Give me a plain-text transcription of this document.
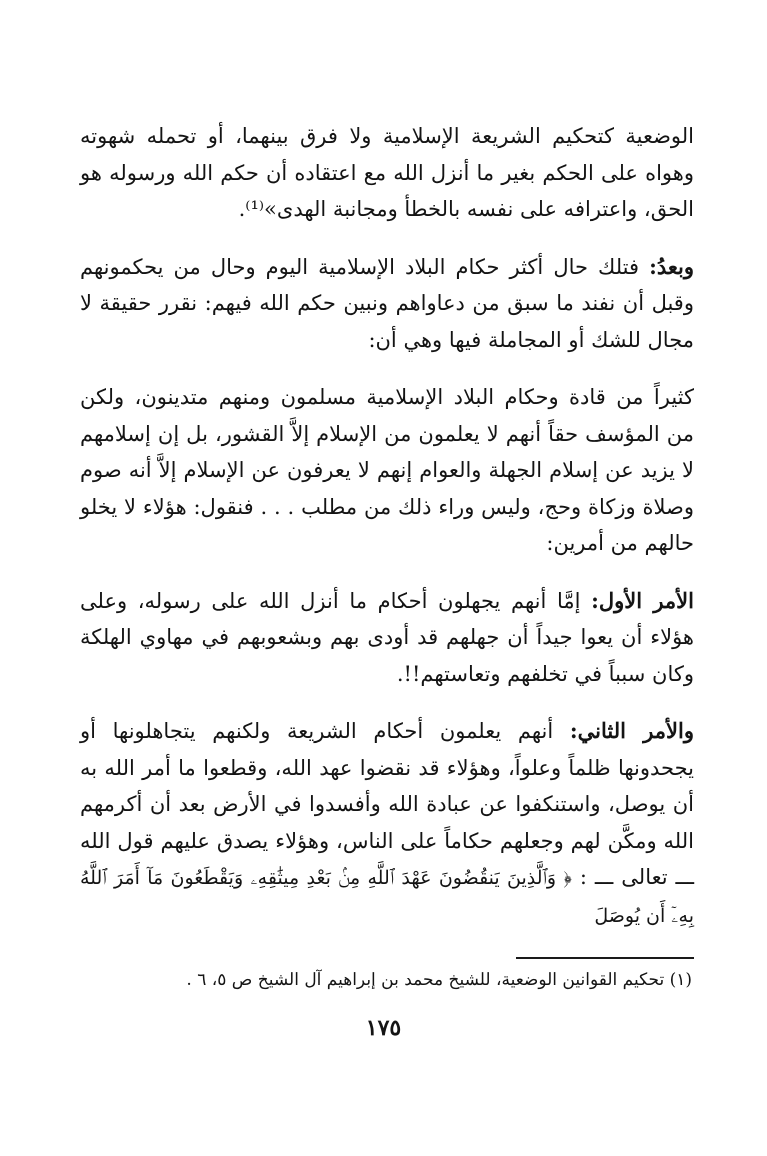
الوضعية كتحكيم الشريعة الإسلامية ولا فرق بينهما، أو تحمله شهوته وهواه على الحكم بغير ما أنزل الله مع اعتقاده أن حكم الله ورسوله هو الحق، واعترافه على نفسه بالخطأ ومجانبة الهدى»⁽¹⁾.

وبعدُ: فتلك حال أكثر حكام البلاد الإسلامية اليوم وحال من يحكمونهم وقبل أن نفند ما سبق من دعاواهم ونبين حكم الله فيهم: نقرر حقيقة لا مجال للشك أو المجاملة فيها وهي أن:

كثيراً من قادة وحكام البلاد الإسلامية مسلمون ومنهم متدينون، ولكن من المؤسف حقاً أنهم لا يعلمون من الإسلام إلاَّ القشور، بل إن إسلامهم لا يزيد عن إسلام الجهلة والعوام إنهم لا يعرفون عن الإسلام إلاَّ أنه صوم وصلاة وزكاة وحج، وليس وراء ذلك من مطلب . . . فنقول: هؤلاء لا يخلو حالهم من أمرين:

الأمر الأول: إمَّا أنهم يجهلون أحكام ما أنزل الله على رسوله، وعلى هؤلاء أن يعوا جيداً أن جهلهم قد أودى بهم وبشعوبهم في مهاوي الهلكة وكان سبباً في تخلفهم وتعاستهم!!.

والأمر الثاني: أنهم يعلمون أحكام الشريعة ولكنهم يتجاهلونها أو يجحدونها ظلماً وعلواً، وهؤلاء قد نقضوا عهد الله، وقطعوا ما أمر الله به أن يوصل، واستنكفوا عن عبادة الله وأفسدوا في الأرض بعد أن أكرمهم الله ومكَّن لهم وجعلهم حكاماً على الناس، وهؤلاء يصدق عليهم قول الله ـــ تعالى ـــ : ﴿ وَٱلَّذِينَ يَنقُضُونَ عَهْدَ ٱللَّهِ مِنۢ بَعْدِ مِيثَٰقِهِۦ وَيَقْطَعُونَ مَآ أَمَرَ ٱللَّهُ بِهِۦٓ أَن يُوصَلَ

(١) تحكيم القوانين الوضعية، للشيخ محمد بن إبراهيم آل الشيخ ص ٥، ٦ .

١٧٥
